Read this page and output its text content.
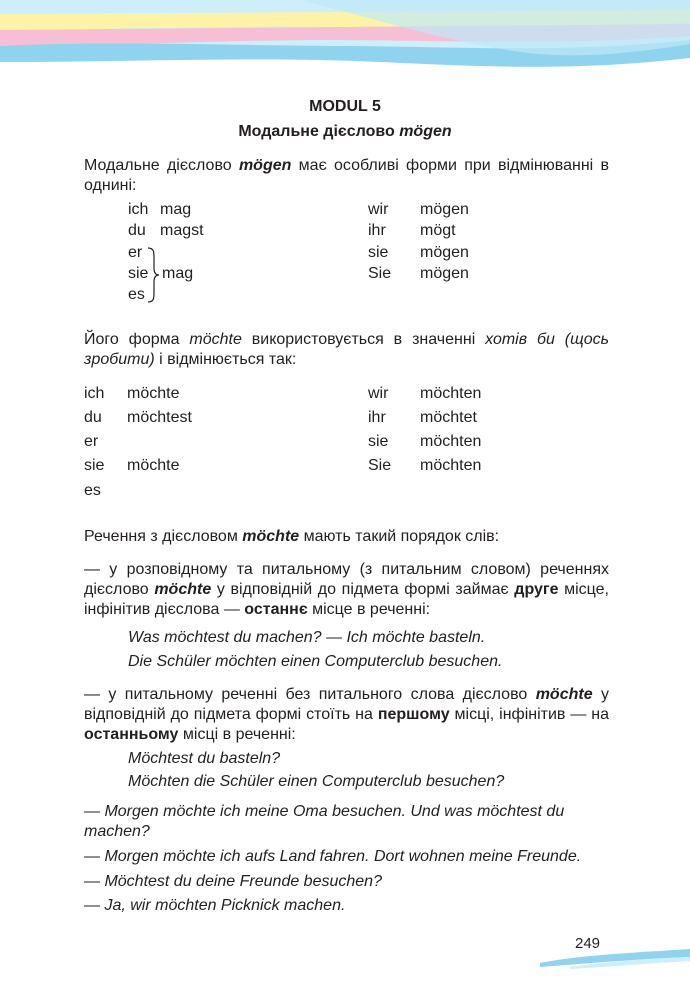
MODUL 5
Модальне дієслово mögen
Модальне дієслово mögen має особливі форми при відмінюванні в однині:
ich mag	wir mögen
du magst	ihr mögt
er	sie mögen
sie mag	Sie mögen
es
Його форма möchte використовується в значенні хотів би (щось зробити) і відмінюється так:
ich möchte	wir möchten
du möchtest	ihr möchtet
er	sie möchten
sie möchte	Sie möchten
es
Речення з дієсловом möchte мають такий порядок слів:
— у розповідному та питальному (з питальним словом) реченнях дієслово möchte у відповідній до підмета формі займає друге місце, інфінітив дієслова — останнє місце в реченні:
Was möchtest du machen? — Ich möchte basteln.
Die Schüler möchten einen Computerclub besuchen.
— у питальному реченні без питального слова дієслово möchte у відповідній до підмета формі стоїть на першому місці, інфінітив — на останньому місці в реченні:
Möchtest du basteln?
Möchten die Schüler einen Computerclub besuchen?
— Morgen möchte ich meine Oma besuchen. Und was möchtest du machen?
— Morgen möchte ich aufs Land fahren. Dort wohnen meine Freunde.
— Möchtest du deine Freunde besuchen?
— Ja, wir möchten Picknick machen.
249
